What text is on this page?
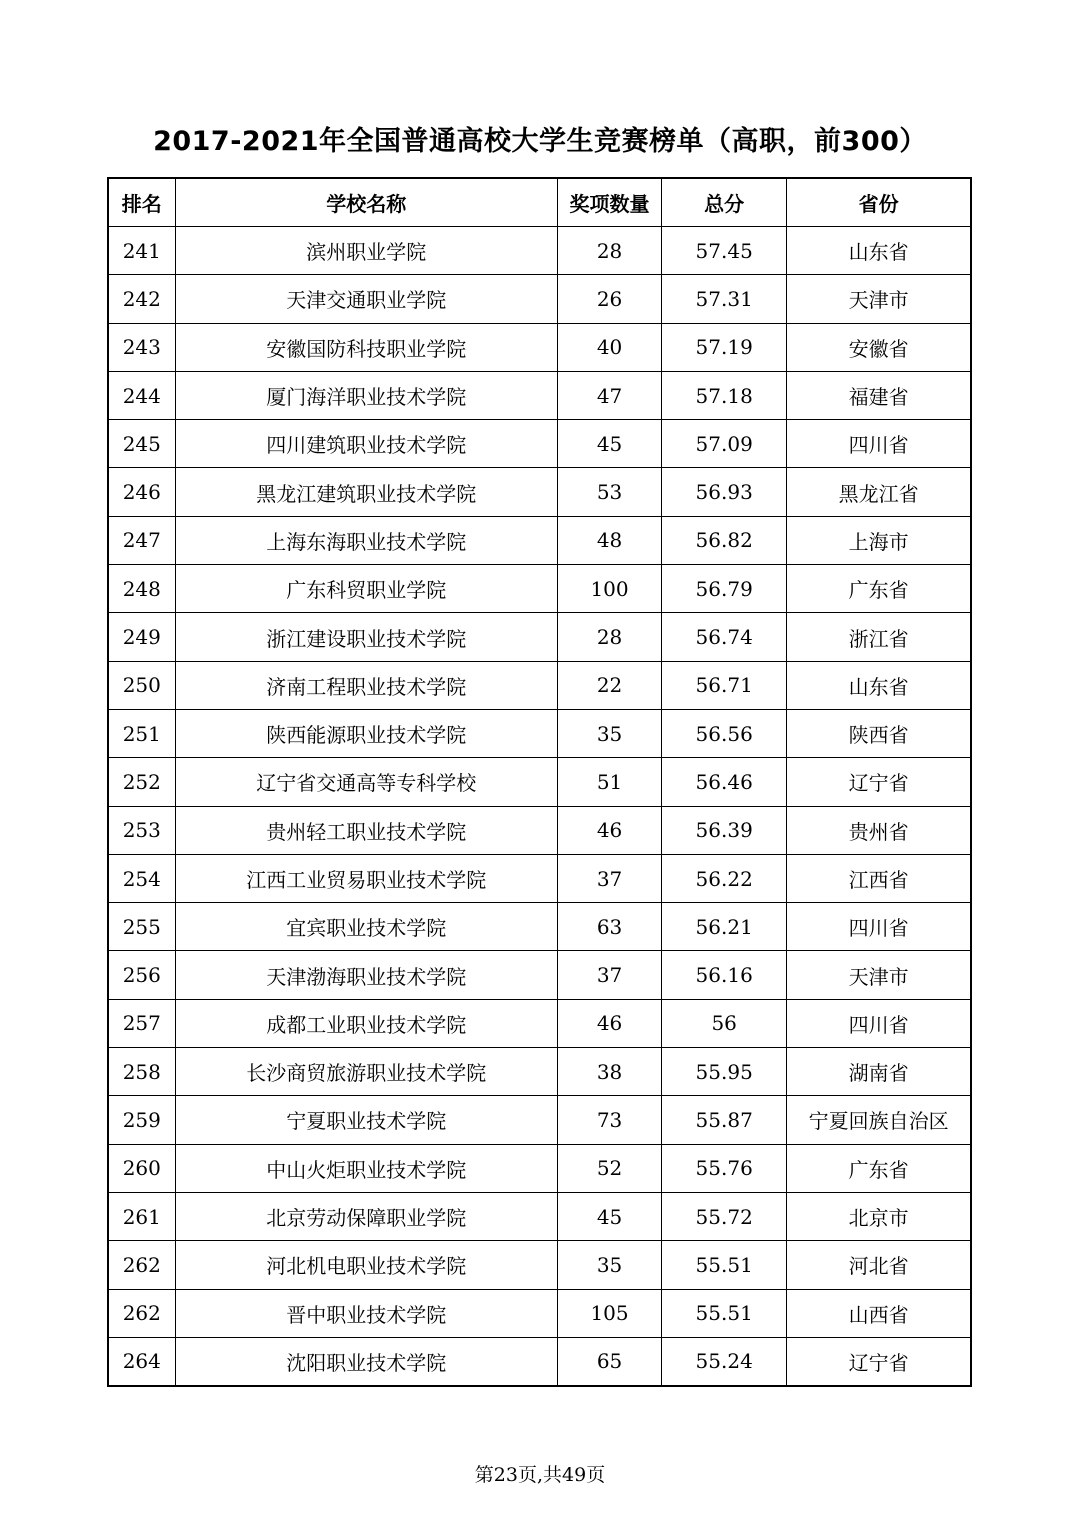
2017-2021年全国普通高校大学生竞赛榜单（高职，前300）
排名	学校名称	奖项数量	总分	省份
241	滨州职业学院	28	57.45	山东省
242	天津交通职业学院	26	57.31	天津市
243	安徽国防科技职业学院	40	57.19	安徽省
244	厦门海洋职业技术学院	47	57.18	福建省
245	四川建筑职业技术学院	45	57.09	四川省
246	黑龙江建筑职业技术学院	53	56.93	黑龙江省
247	上海东海职业技术学院	48	56.82	上海市
248	广东科贸职业学院	100	56.79	广东省
249	浙江建设职业技术学院	28	56.74	浙江省
250	济南工程职业技术学院	22	56.71	山东省
251	陕西能源职业技术学院	35	56.56	陕西省
252	辽宁省交通高等专科学校	51	56.46	辽宁省
253	贵州轻工职业技术学院	46	56.39	贵州省
254	江西工业贸易职业技术学院	37	56.22	江西省
255	宜宾职业技术学院	63	56.21	四川省
256	天津渤海职业技术学院	37	56.16	天津市
257	成都工业职业技术学院	46	56	四川省
258	长沙商贸旅游职业技术学院	38	55.95	湖南省
259	宁夏职业技术学院	73	55.87	宁夏回族自治区
260	中山火炬职业技术学院	52	55.76	广东省
261	北京劳动保障职业学院	45	55.72	北京市
262	河北机电职业技术学院	35	55.51	河北省
262	晋中职业技术学院	105	55.51	山西省
264	沈阳职业技术学院	65	55.24	辽宁省
第23页,共49页
